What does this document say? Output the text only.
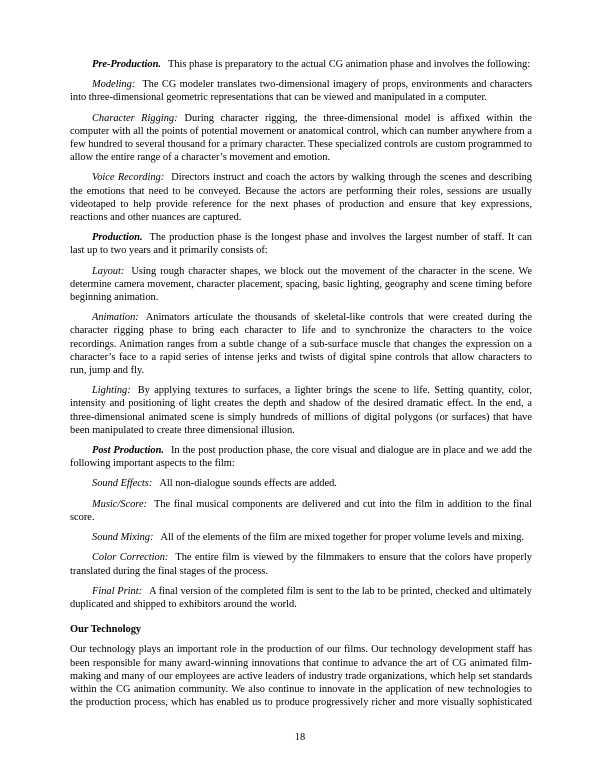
Pre-Production. This phase is preparatory to the actual CG animation phase and involves the following:

Modeling: The CG modeler translates two-dimensional imagery of props, environments and characters into three-dimensional geometric representations that can be viewed and manipulated in a computer.

Character Rigging: During character rigging, the three-dimensional model is affixed within the computer with all the points of potential movement or anatomical control, which can number anywhere from a few hundred to several thousand for a primary character. These specialized controls are custom programmed to allow the entire range of a character’s movement and emotion.

Voice Recording: Directors instruct and coach the actors by walking through the scenes and describing the emotions that need to be conveyed. Because the actors are performing their roles, sessions are usually videotaped to help provide reference for the next phases of production and ensure that key expressions, reactions and other nuances are captured.

Production. The production phase is the longest phase and involves the largest number of staff. It can last up to two years and it primarily consists of:

Layout: Using rough character shapes, we block out the movement of the character in the scene. We determine camera movement, character placement, spacing, basic lighting, geography and scene timing before beginning animation.

Animation: Animators articulate the thousands of skeletal-like controls that were created during the character rigging phase to bring each character to life and to synchronize the characters to the voice recordings. Animation ranges from a subtle change of a sub-surface muscle that changes the expression on a character’s face to a rapid series of intense jerks and twists of digital spine controls that allow characters to run, jump and fly.

Lighting: By applying textures to surfaces, a lighter brings the scene to life. Setting quantity, color, intensity and positioning of light creates the depth and shadow of the desired dramatic effect. In the end, a three-dimensional animated scene is simply hundreds of millions of digital polygons (or surfaces) that have been manipulated to create three dimensional illusion.

Post Production. In the post production phase, the core visual and dialogue are in place and we add the following important aspects to the film:

Sound Effects: All non-dialogue sounds effects are added.

Music/Score: The final musical components are delivered and cut into the film in addition to the final score.

Sound Mixing: All of the elements of the film are mixed together for proper volume levels and mixing.

Color Correction: The entire film is viewed by the filmmakers to ensure that the colors have properly translated during the final stages of the process.

Final Print: A final version of the completed film is sent to the lab to be printed, checked and ultimately duplicated and shipped to exhibitors around the world.

Our Technology

Our technology plays an important role in the production of our films. Our technology development staff has been responsible for many award-winning innovations that continue to advance the art of CG animated film-making and many of our employees are active leaders of industry trade organizations, which help set standards within the CG animation community. We also continue to innovate in the application of new technologies to the production process, which has enabled us to produce progressively richer and more visually sophisticated

18
